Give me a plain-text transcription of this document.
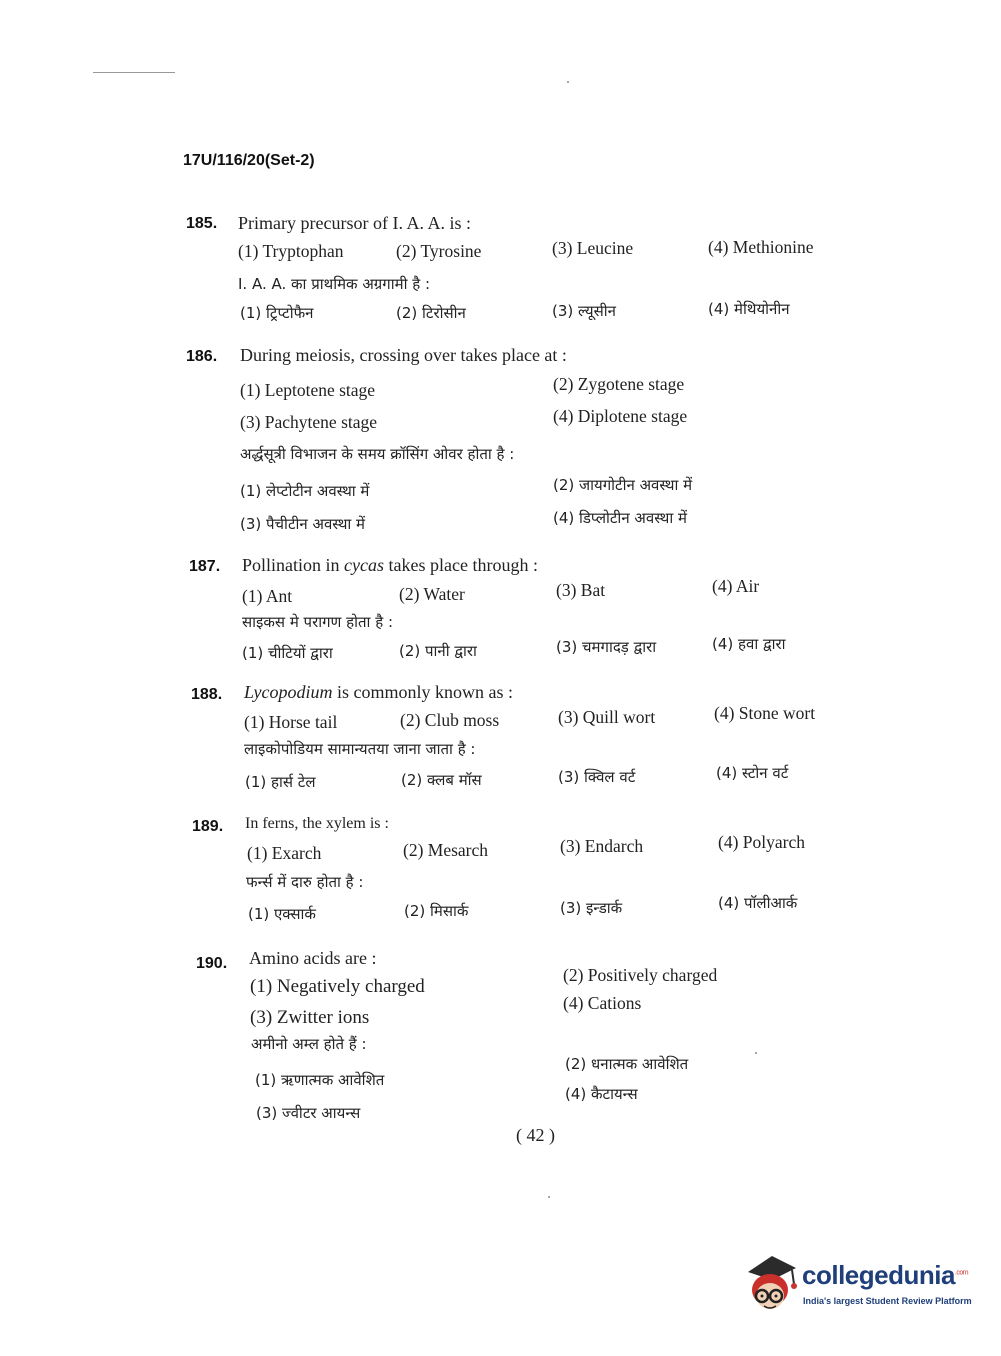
17U/116/20(Set-2)
185. Primary precursor of I. A. A. is :
(1) Tryptophan	(2) Tyrosine	(3) Leucine	(4) Methionine
I. A. A. का प्राथमिक अग्रगामी है :
(1) ट्रिप्टोफैन	(2) टिरोसीन	(3) ल्यूसीन	(4) मेथियोनीन
186. During meiosis, crossing over takes place at :
(1) Leptotene stage	(2) Zygotene stage
(3) Pachytene stage	(4) Diplotene stage
अर्द्धसूत्री विभाजन के समय क्रॉसिंग ओवर होता है :
(1) लेप्टोटीन अवस्था में	(2) जायगोटीन अवस्था में
(3) पैचीटीन अवस्था में	(4) डिप्लोटीन अवस्था में
187. Pollination in cycas takes place through :
(1) Ant	(2) Water	(3) Bat	(4) Air
साइकस मे परागण होता है :
(1) चीटियों द्वारा	(2) पानी द्वारा	(3) चमगादड़ द्वारा	(4) हवा द्वारा
188. Lycopodium is commonly known as :
(1) Horse tail	(2) Club moss	(3) Quill wort	(4) Stone wort
लाइकोपोडियम सामान्यतया जाना जाता है :
(1) हार्स टेल	(2) क्लब मॉस	(3) क्विल वर्ट	(4) स्टोन वर्ट
189. In ferns, the xylem is :
(1) Exarch	(2) Mesarch	(3) Endarch	(4) Polyarch
फर्न्स में दारु होता है :
(1) एक्सार्क	(2) मिसार्क	(3) इन्डार्क	(4) पॉलीआर्क
190. Amino acids are :
(1) Negatively charged
(2) Positively charged
(3) Zwitter ions
(4) Cations
अमीनो अम्ल होते हैं :
(1) ऋणात्मक आवेशित
(2) धनात्मक आवेशित
(3) ज्वीटर आयन्स
(4) कैटायन्स
( 42 )
collegedunia$^{.com}$
India's largest Student Review Platform
